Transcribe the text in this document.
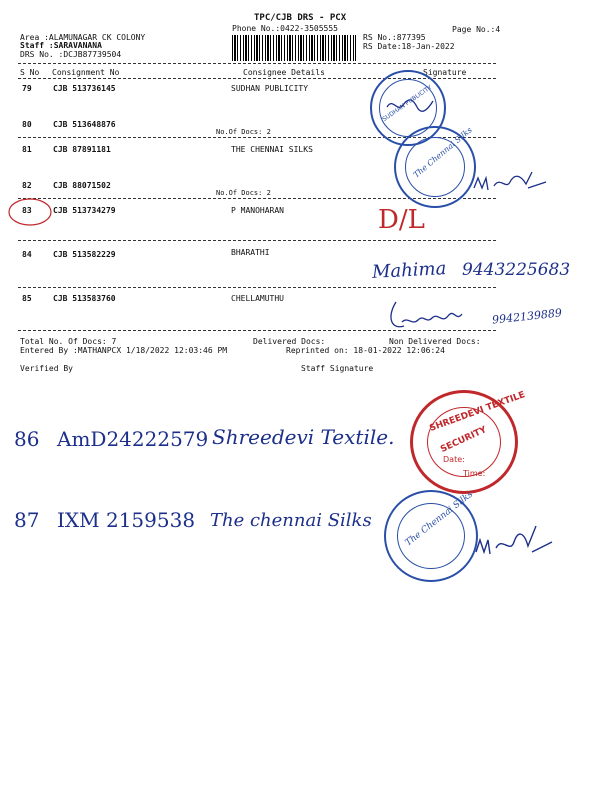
TPC/CJB DRS - PCX
Phone No.:0422-3505555	Page No.:4
Area :ALAMUNAGAR CK COLONY
Staff :SARAVANANA
DRS No. :DCJB87739504
RS No.:877395
RS Date:18-Jan-2022
S No Consignment No	Consignee Details	Signature
79	CJB 513736145	SUDHAN PUBLICITY
80	CJB 513648876
No.Of Docs: 2
81	CJB 87891181	THE CHENNAI SILKS
82	CJB 88071502
No.Of Docs: 2
83	CJB 513734279	P MANOHARAN
84	CJB 513582229	BHARATHI
85	CJB 513583760	CHELLAMUTHU
Total No. Of Docs: 7	Delivered Docs:	Non Delivered Docs:
Entered By :MATHANPCX 1/18/2022 12:03:46 PM	Reprinted on: 18-01-2022 12:06:24
Verified By	Staff Signature
SUDHAN PUBLICITY
The Chennai Silks
D/L
Mahima 9443225683
9942139889
86 AmD24222579 Shreedevi Textile.
SHREEDEVI TEXTILE
SECURITY
Date:
Time:
87 IXM 2159538 The chennai Silks	The Chennai Silks
